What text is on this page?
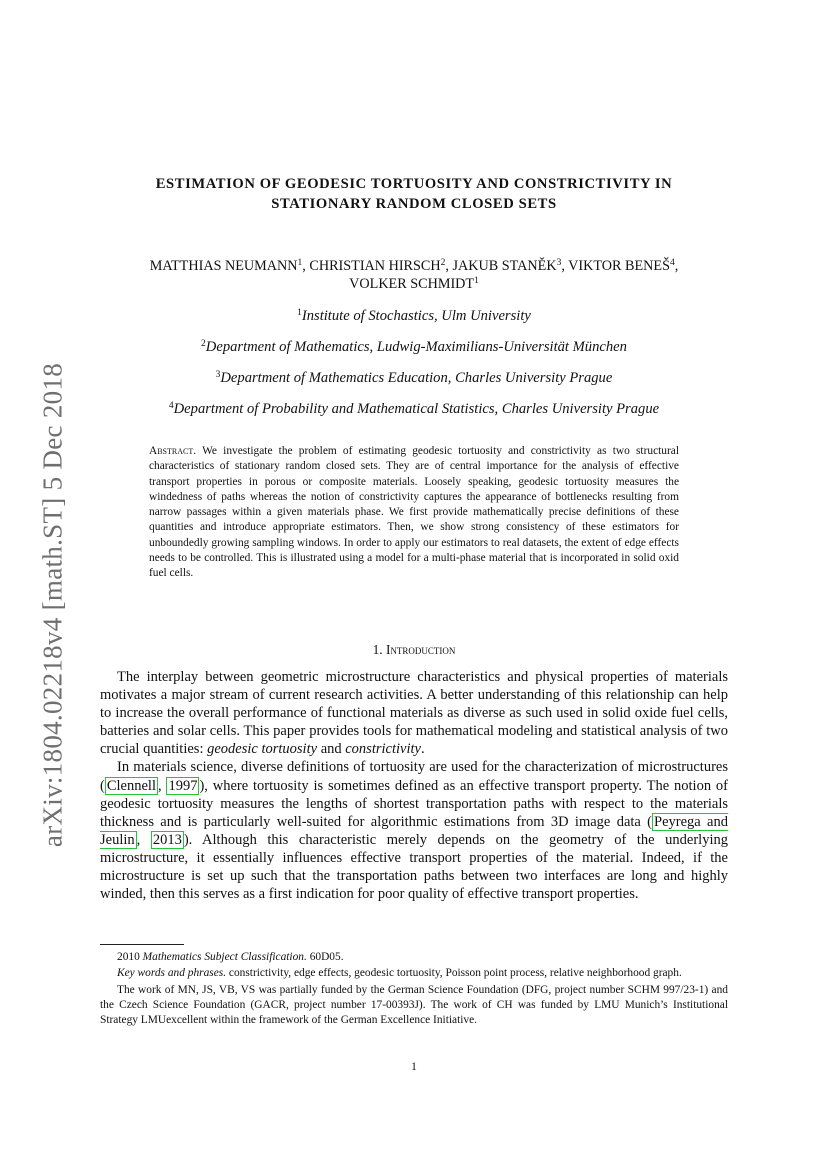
arXiv:1804.02218v4 [math.ST] 5 Dec 2018
ESTIMATION OF GEODESIC TORTUOSITY AND CONSTRICTIVITY IN
STATIONARY RANDOM CLOSED SETS
MATTHIAS NEUMANN$^1$, CHRISTIAN HIRSCH$^2$, JAKUB STANĚK$^3$, VIKTOR BENEŠ$^4$,
VOLKER SCHMIDT$^1$
$^1$Institute of Stochastics, Ulm University
$^2$Department of Mathematics, Ludwig-Maximilians-Universität München
$^3$Department of Mathematics Education, Charles University Prague
$^4$Department of Probability and Mathematical Statistics, Charles University Prague
Abstract. We investigate the problem of estimating geodesic tortuosity and constrictivity as two structural characteristics of stationary random closed sets. They are of central importance for the analysis of effective transport properties in porous or composite materials. Loosely speaking, geodesic tortuosity measures the windedness of paths whereas the notion of constrictivity captures the appearance of bottlenecks resulting from narrow passages within a given materials phase. We first provide mathematically precise definitions of these quantities and introduce appropriate estimators. Then, we show strong consistency of these estimators for unboundedly growing sampling windows. In order to apply our estimators to real datasets, the extent of edge effects needs to be controlled. This is illustrated using a model for a multi-phase material that is incorporated in solid oxid fuel cells.
1. Introduction

The interplay between geometric microstructure characteristics and physical properties of materials motivates a major stream of current research activities. A better understanding of this relationship can help to increase the overall performance of functional materials as diverse as such used in solid oxide fuel cells, batteries and solar cells. This paper provides tools for mathematical modeling and statistical analysis of two crucial quantities: geodesic tortuosity and constrictivity.

In materials science, diverse definitions of tortuosity are used for the characterization of microstructures ( Clennell , 1997 ), where tortuosity is sometimes defined as an effective transport property. The notion of geodesic tortuosity measures the lengths of shortest transportation paths with respect to the materials thickness and is particularly well-suited for algorithmic estimations from 3D image data ( Peyrega and Jeulin , 2013 ). Although this characteristic merely depends on the geometry of the underlying microstructure, it essentially influences effective transport properties of the material. Indeed, if the microstructure is set up such that the transportation paths between two interfaces are long and highly winded, then this serves as a first indication for poor quality of effective transport properties.

2010 Mathematics Subject Classification. 60D05.

Key words and phrases. constrictivity, edge effects, geodesic tortuosity, Poisson point process, relative neighborhood graph.

The work of MN, JS, VB, VS was partially funded by the German Science Foundation (DFG, project number SCHM 997/23-1) and the Czech Science Foundation (GACR, project number 17-00393J). The work of CH was funded by LMU Munich’s Institutional Strategy LMUexcellent within the framework of the German Excellence Initiative.

1
